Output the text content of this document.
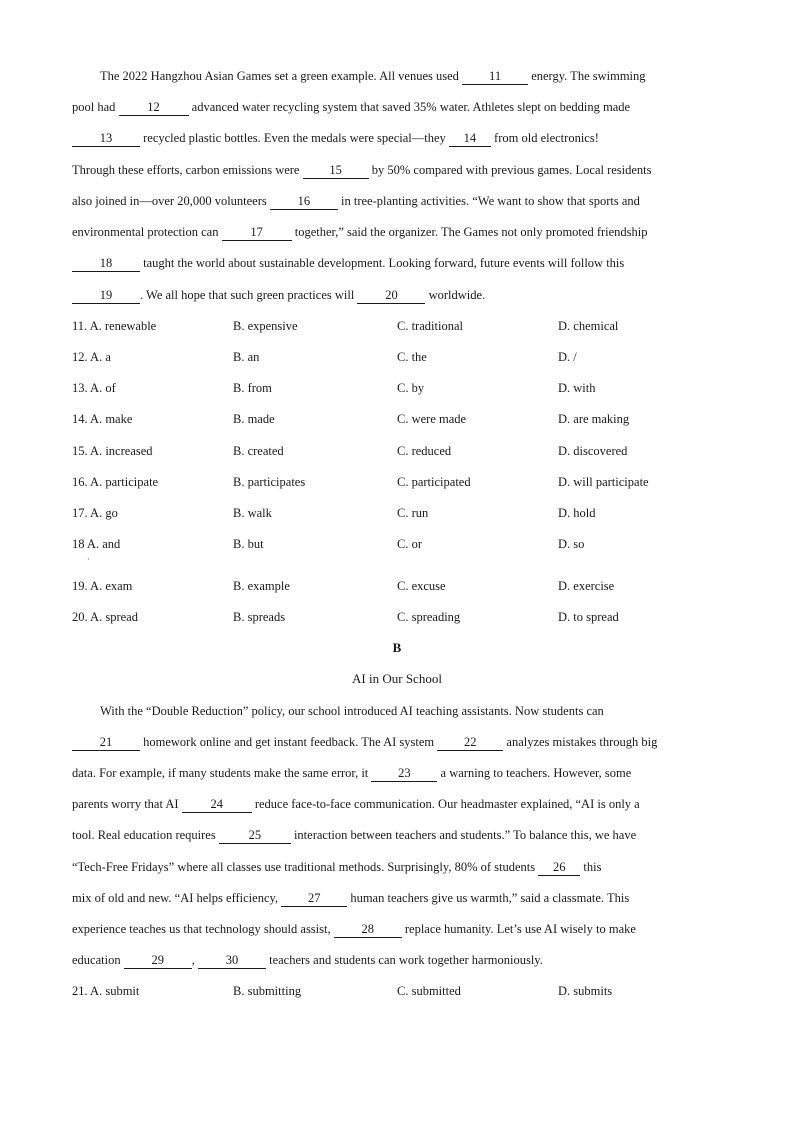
The 2022 Hangzhou Asian Games set a green example. All venues used 11 energy. The swimming
pool had 12 advanced water recycling system that saved 35% water. Athletes slept on bedding made
13 recycled plastic bottles. Even the medals were special—they 14 from old electronics!
Through these efforts, carbon emissions were 15 by 50% compared with previous games. Local residents
also joined in—over 20,000 volunteers 16 in tree-planting activities. “We want to show that sports and
environmental protection can 17 together,” said the organizer. The Games not only promoted friendship
18 taught the world about sustainable development. Looking forward, future events will follow this
19 . We all hope that such green practices will 20 worldwide.
11. A. renewable	B. expensive	C. traditional	D. chemical
12. A. a	B. an	C. the	D. /
13. A. of	B. from	C. by	D. with
14. A. make	B. made	C. were made	D. are making
15. A. increased	B. created	C. reduced	D. discovered
16. A. participate	B. participates	C. participated	D. will participate
17. A. go	B. walk	C. run	D. hold
18 A. and	B. but	C. or	D. so
19. A. exam	B. example	C. excuse	D. exercise
20. A. spread	B. spreads	C. spreading	D. to spread
·
B
AI in Our School
With the “Double Reduction” policy, our school introduced AI teaching assistants. Now students can
21 homework online and get instant feedback. The AI system 22 analyzes mistakes through big
data. For example, if many students make the same error, it 23 a warning to teachers. However, some
parents worry that AI 24 reduce face-to-face communication. Our headmaster explained, “AI is only a
tool. Real education requires 25 interaction between teachers and students.” To balance this, we have
“Tech-Free Fridays” where all classes use traditional methods. Surprisingly, 80% of students 26 this
mix of old and new. “AI helps efficiency, 27 human teachers give us warmth,” said a classmate. This
experience teaches us that technology should assist, 28 replace humanity. Let’s use AI wisely to make
education 29 , 30 teachers and students can work together harmoniously.
21. A. submit	B. submitting	C. submitted	D. submits
